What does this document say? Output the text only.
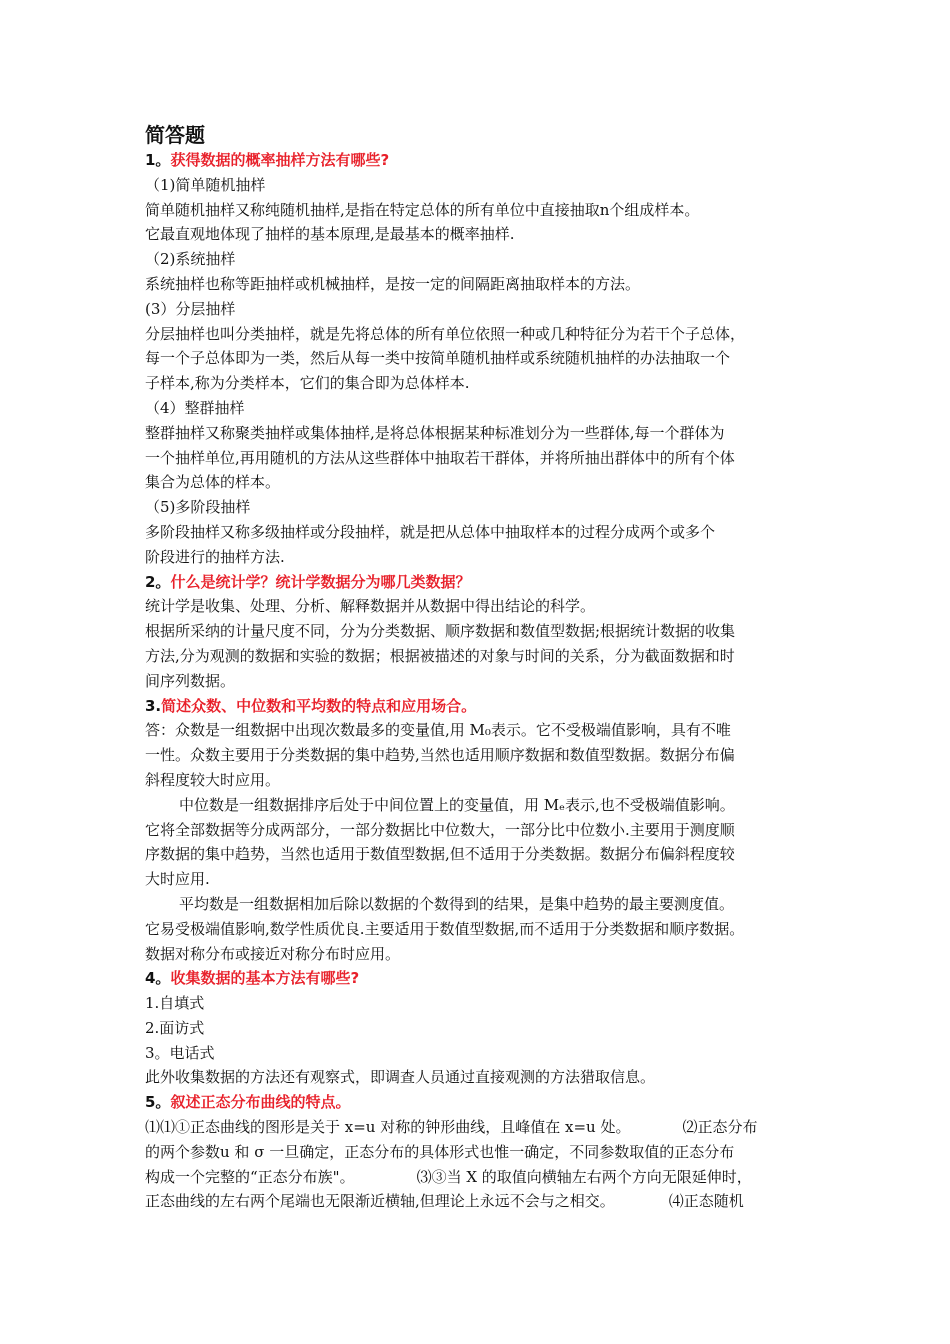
简答题

1。获得数据的概率抽样方法有哪些?

（1)简单随机抽样

简单随机抽样又称纯随机抽样,是指在特定总体的所有单位中直接抽取n个组成样本。

它最直观地体现了抽样的基本原理,是最基本的概率抽样.

（2)系统抽样

系统抽样也称等距抽样或机械抽样，是按一定的间隔距离抽取样本的方法。

(3）分层抽样

分层抽样也叫分类抽样，就是先将总体的所有单位依照一种或几种特征分为若干个子总体，

每一个子总体即为一类，然后从每一类中按简单随机抽样或系统随机抽样的办法抽取一个

子样本,称为分类样本，它们的集合即为总体样本.

（4）整群抽样

整群抽样又称聚类抽样或集体抽样,是将总体根据某种标准划分为一些群体,每一个群体为

一个抽样单位,再用随机的方法从这些群体中抽取若干群体，并将所抽出群体中的所有个体

集合为总体的样本。

（5)多阶段抽样

多阶段抽样又称多级抽样或分段抽样，就是把从总体中抽取样本的过程分成两个或多个

阶段进行的抽样方法.

2。什么是统计学？统计学数据分为哪几类数据？

统计学是收集、处理、分析、解释数据并从数据中得出结论的科学。

根据所采纳的计量尺度不同，分为分类数据、顺序数据和数值型数据;根据统计数据的收集

方法,分为观测的数据和实验的数据；根据被描述的对象与时间的关系，分为截面数据和时

间序列数据。

3.简述众数、中位数和平均数的特点和应用场合。

答：众数是一组数据中出现次数最多的变量值,用 M₀表示。它不受极端值影响，具有不唯

一性。众数主要用于分类数据的集中趋势,当然也适用顺序数据和数值型数据。数据分布偏

斜程度较大时应用。

中位数是一组数据排序后处于中间位置上的变量值，用 Mₑ表示,也不受极端值影响。

它将全部数据等分成两部分，一部分数据比中位数大，一部分比中位数小.主要用于测度顺

序数据的集中趋势，当然也适用于数值型数据,但不适用于分类数据。数据分布偏斜程度较

大时应用.

平均数是一组数据相加后除以数据的个数得到的结果，是集中趋势的最主要测度值。

它易受极端值影响,数学性质优良.主要适用于数值型数据,而不适用于分类数据和顺序数据。

数据对称分布或接近对称分布时应用。

4。收集数据的基本方法有哪些?

1.自填式

2.面访式

3。电话式

此外收集数据的方法还有观察式，即调查人员通过直接观测的方法猎取信息。

5。叙述正态分布曲线的特点。

⑴⑴①正态曲线的图形是关于 x=u 对称的钟形曲线，且峰值在 x=u 处。	⑵正态分布

的两个参数u 和 σ 一旦确定，正态分布的具体形式也惟一确定，不同参数取值的正态分布

构成一个完整的“正态分布族"。	⑶③当 X 的取值向横轴左右两个方向无限延伸时，

正态曲线的左右两个尾端也无限渐近横轴,但理论上永远不会与之相交。	⑷正态随机
